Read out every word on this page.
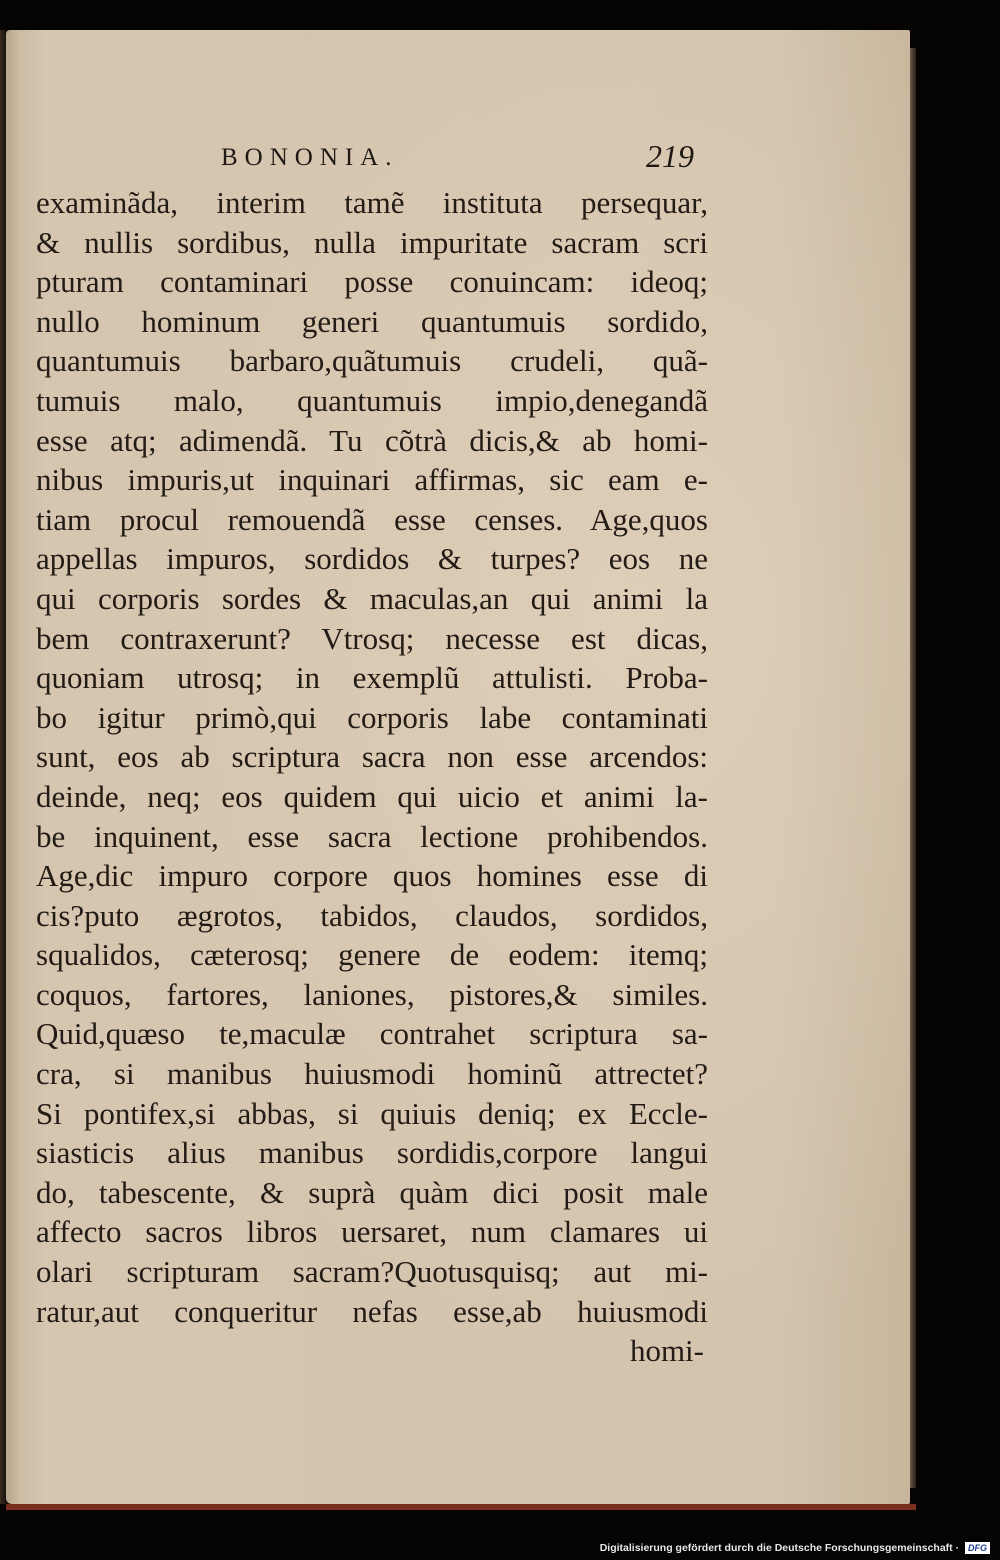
BONONIA.	219
examinãda, interim tamẽ instituta persequar,
& nullis sordibus, nulla impuritate sacram scri
pturam contaminari posse conuincam: ideoq;
nullo hominum generi quantumuis sordido,
quantumuis barbaro,quãtumuis crudeli, quã-
tumuis malo, quantumuis impio,denegandã
esse atq; adimendã. Tu cõtrà dicis,& ab homi-
nibus impuris,ut inquinari affirmas, sic eam e-
tiam procul remouendã esse censes. Age,quos
appellas impuros, sordidos & turpes? eos ne
qui corporis sordes & maculas,an qui animi la
bem contraxerunt? Vtrosq; necesse est dicas,
quoniam utrosq; in exemplũ attulisti. Proba-
bo igitur primò,qui corporis labe contaminati
sunt, eos ab scriptura sacra non esse arcendos:
deinde, neq; eos quidem qui uicio et animi la-
be inquinent, esse sacra lectione prohibendos.
Age,dic impuro corpore quos homines esse di
cis?puto ægrotos, tabidos, claudos, sordidos,
squalidos, cæterosq; genere de eodem: itemq;
coquos, fartores, laniones, pistores,& similes.
Quid,quæso te,maculæ contrahet scriptura sa-
cra, si manibus huiusmodi hominũ attrectet?
Si pontifex,si abbas, si quiuis deniq; ex Eccle-
siasticis alius manibus sordidis,corpore langui
do, tabescente, & suprà quàm dici posit male
affecto sacros libros uersaret, num clamares ui
olari scripturam sacram?Quotusquisq; aut mi-
ratur,aut conqueritur nefas esse,ab huiusmodi
homi-
Digitalisierung gefördert durch die Deutsche Forschungsgemeinschaft · DFG
